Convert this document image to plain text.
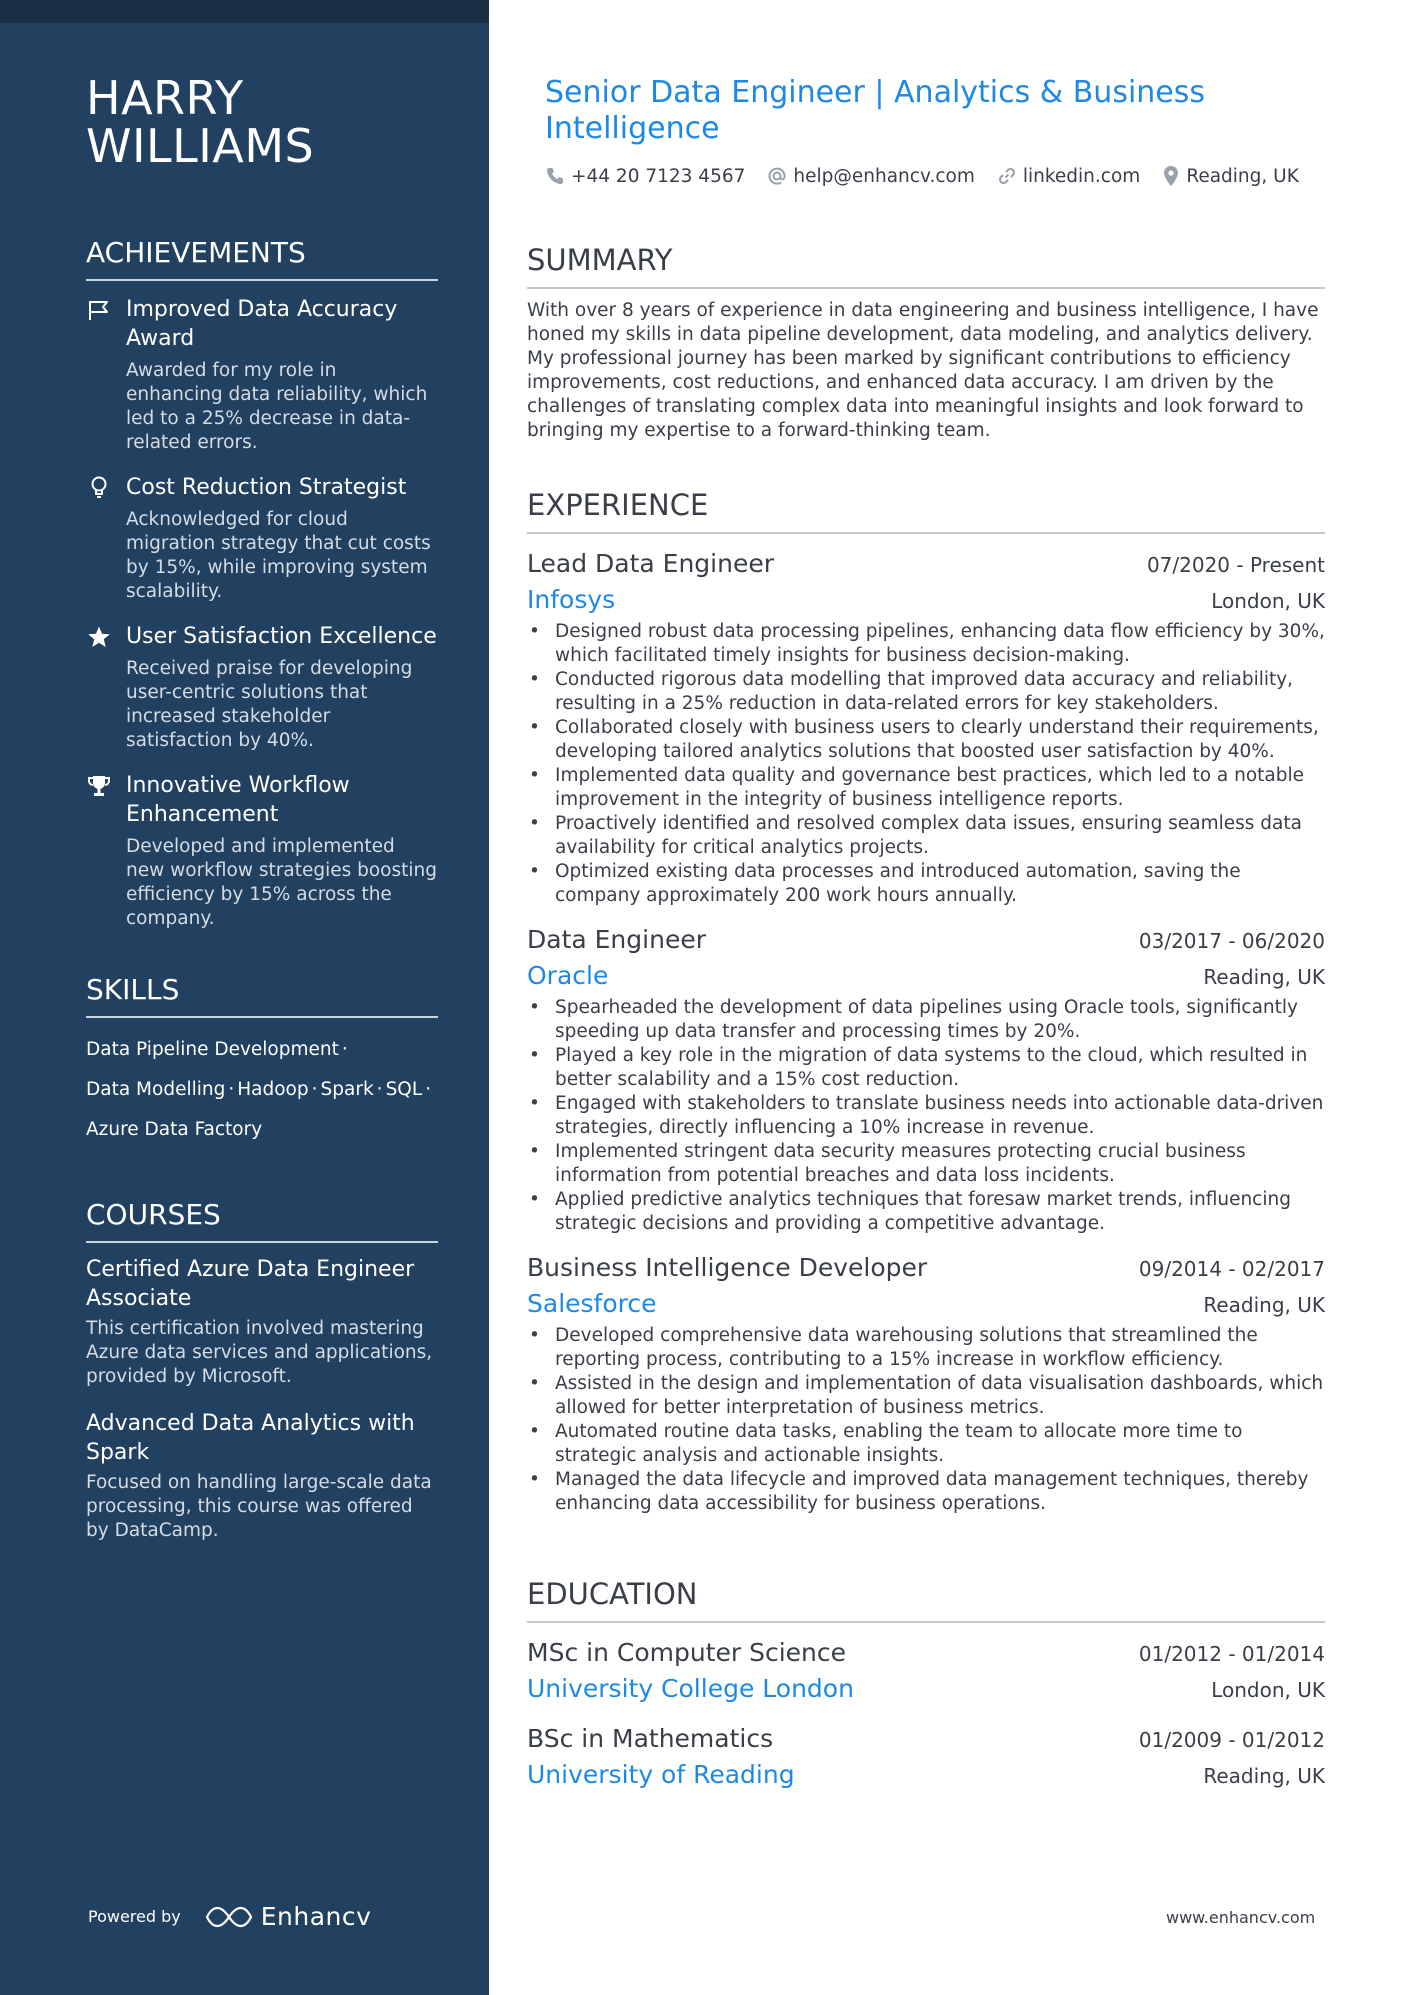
HARRY WILLIAMS
ACHIEVEMENTS
Improved Data Accuracy Award
Awarded for my role in enhancing data reliability, which led to a 25% decrease in data-related errors.
Cost Reduction Strategist
Acknowledged for cloud migration strategy that cut costs by 15%, while improving system scalability.
User Satisfaction Excellence
Received praise for developing user-centric solutions that increased stakeholder satisfaction by 40%.
Innovative Workflow Enhancement
Developed and implemented new workflow strategies boosting efficiency by 15% across the company.
SKILLS
Data Pipeline Development ·
Data Modelling · Hadoop · Spark · SQL ·
Azure Data Factory
COURSES
Certified Azure Data Engineer Associate
This certification involved mastering Azure data services and applications, provided by Microsoft.
Advanced Data Analytics with Spark
Focused on handling large-scale data processing, this course was offered by DataCamp.
Powered by	Enhancv
Senior Data Engineer | Analytics & Business Intelligence
+44 20 7123 4567	help@enhancv.com	linkedin.com Reading, UK
SUMMARY

With over 8 years of experience in data engineering and business intelligence, I have honed my skills in data pipeline development, data modeling, and analytics delivery. My professional journey has been marked by significant contributions to efficiency improvements, cost reductions, and enhanced data accuracy. I am driven by the challenges of translating complex data into meaningful insights and look forward to bringing my expertise to a forward-thinking team.

EXPERIENCE
Lead Data Engineer	07/2020 - Present
Infosys	London, UK
• Designed robust data processing pipelines, enhancing data flow efficiency by 30%, which facilitated timely insights for business decision-making.
• Conducted rigorous data modelling that improved data accuracy and reliability, resulting in a 25% reduction in data-related errors for key stakeholders.
• Collaborated closely with business users to clearly understand their requirements, developing tailored analytics solutions that boosted user satisfaction by 40%.
• Implemented data quality and governance best practices, which led to a notable improvement in the integrity of business intelligence reports.
• Proactively identified and resolved complex data issues, ensuring seamless data availability for critical analytics projects.
• Optimized existing data processes and introduced automation, saving the company approximately 200 work hours annually.
Data Engineer	03/2017 - 06/2020
Oracle	Reading, UK
• Spearheaded the development of data pipelines using Oracle tools, significantly speeding up data transfer and processing times by 20%.
• Played a key role in the migration of data systems to the cloud, which resulted in better scalability and a 15% cost reduction.
• Engaged with stakeholders to translate business needs into actionable data-driven strategies, directly influencing a 10% increase in revenue.
• Implemented stringent data security measures protecting crucial business information from potential breaches and data loss incidents.
• Applied predictive analytics techniques that foresaw market trends, influencing strategic decisions and providing a competitive advantage.
Business Intelligence Developer	09/2014 - 02/2017
Salesforce	Reading, UK
• Developed comprehensive data warehousing solutions that streamlined the reporting process, contributing to a 15% increase in workflow efficiency.
• Assisted in the design and implementation of data visualisation dashboards, which allowed for better interpretation of business metrics.
• Automated routine data tasks, enabling the team to allocate more time to strategic analysis and actionable insights.
• Managed the data lifecycle and improved data management techniques, thereby enhancing data accessibility for business operations.
EDUCATION
MSc in Computer Science	01/2012 - 01/2014
University College London	London, UK
BSc in Mathematics	01/2009 - 01/2012
University of Reading	Reading, UK
www.enhancv.com
